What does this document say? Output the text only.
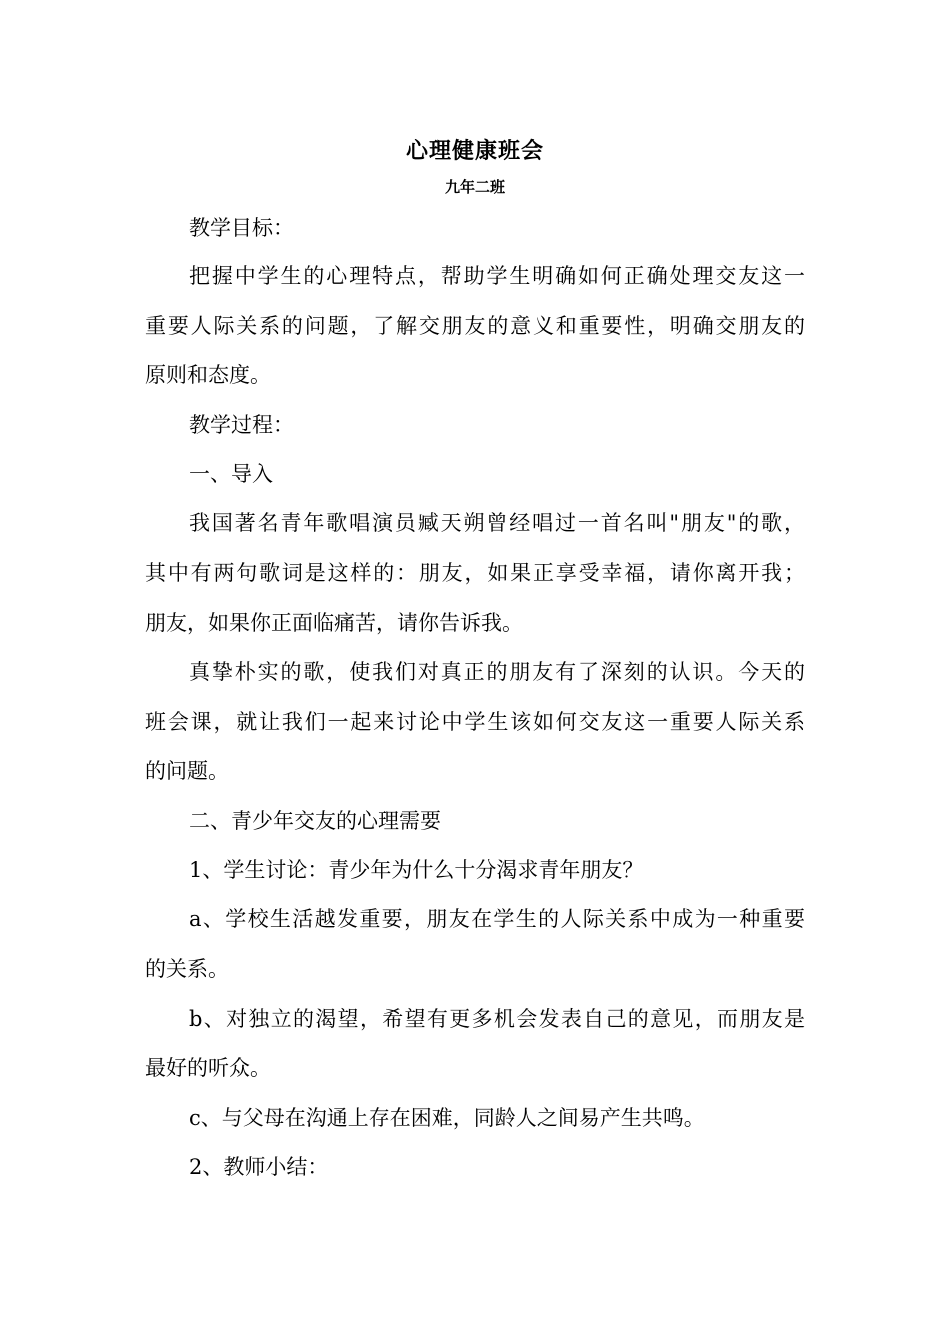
心理健康班会
九年二班
教学目标：
把握中学生的心理特点，帮助学生明确如何正确处理交友这一
重要人际关系的问题，了解交朋友的意义和重要性，明确交朋友的
原则和态度。
教学过程：
一、导入
我国著名青年歌唱演员臧天朔曾经唱过一首名叫"朋友"的歌，
其中有两句歌词是这样的：朋友，如果正享受幸福，请你离开我；
朋友，如果你正面临痛苦，请你告诉我。
真挚朴实的歌，使我们对真正的朋友有了深刻的认识。今天的
班会课，就让我们一起来讨论中学生该如何交友这一重要人际关系
的问题。
二、青少年交友的心理需要
1、学生讨论：青少年为什么十分渴求青年朋友？
a、学校生活越发重要，朋友在学生的人际关系中成为一种重要
的关系。
b、对独立的渴望，希望有更多机会发表自己的意见，而朋友是
最好的听众。
c、与父母在沟通上存在困难，同龄人之间易产生共鸣。
2、教师小结：
